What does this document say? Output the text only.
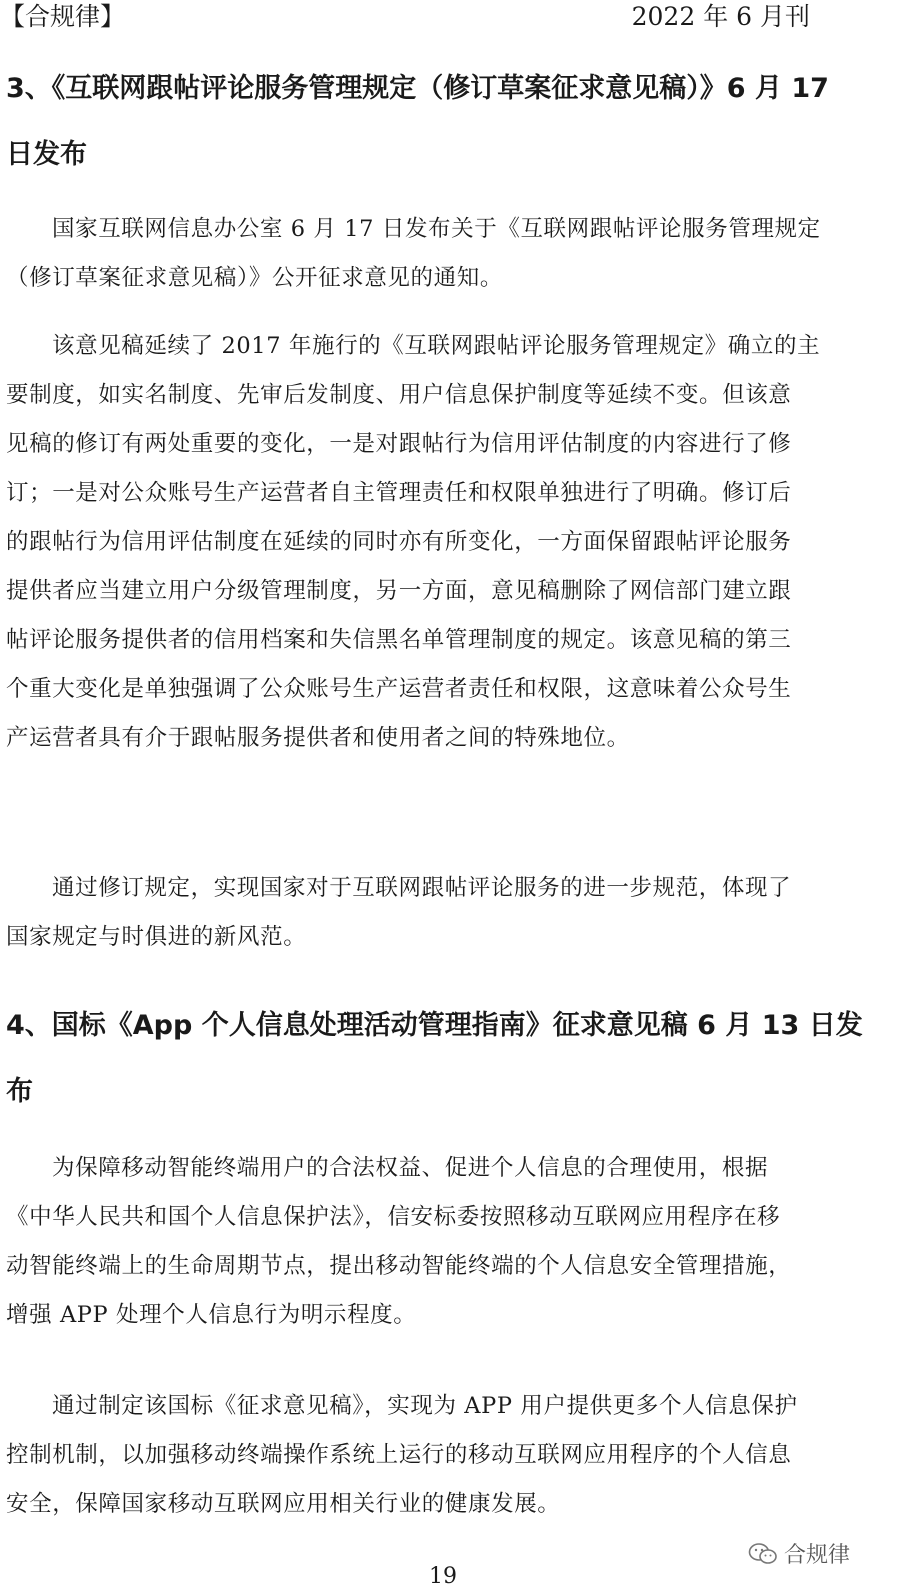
【合规律】	2022 年 6 月刊
3、《互联网跟帖评论服务管理规定（修订草案征求意见稿）》6 月 17
日发布
国家互联网信息办公室 6 月 17 日发布关于《互联网跟帖评论服务管理规定
（修订草案征求意见稿）》公开征求意见的通知。
该意见稿延续了 2017 年施行的《互联网跟帖评论服务管理规定》确立的主
要制度，如实名制度、先审后发制度、用户信息保护制度等延续不变。但该意
见稿的修订有两处重要的变化，一是对跟帖行为信用评估制度的内容进行了修
订；一是对公众账号生产运营者自主管理责任和权限单独进行了明确。修订后
的跟帖行为信用评估制度在延续的同时亦有所变化，一方面保留跟帖评论服务
提供者应当建立用户分级管理制度，另一方面，意见稿删除了网信部门建立跟
帖评论服务提供者的信用档案和失信黑名单管理制度的规定。该意见稿的第三
个重大变化是单独强调了公众账号生产运营者责任和权限，这意味着公众号生
产运营者具有介于跟帖服务提供者和使用者之间的特殊地位。
通过修订规定，实现国家对于互联网跟帖评论服务的进一步规范，体现了
国家规定与时俱进的新风范。
4、国标《App 个人信息处理活动管理指南》征求意见稿 6 月 13 日发
布
为保障移动智能终端用户的合法权益、促进个人信息的合理使用，根据
《中华人民共和国个人信息保护法》，信安标委按照移动互联网应用程序在移
动智能终端上的生命周期节点，提出移动智能终端的个人信息安全管理措施，
增强 APP 处理个人信息行为明示程度。
通过制定该国标《征求意见稿》，实现为 APP 用户提供更多个人信息保护
控制机制，以加强移动终端操作系统上运行的移动互联网应用程序的个人信息
安全，保障国家移动互联网应用相关行业的健康发展。
合规律
19
